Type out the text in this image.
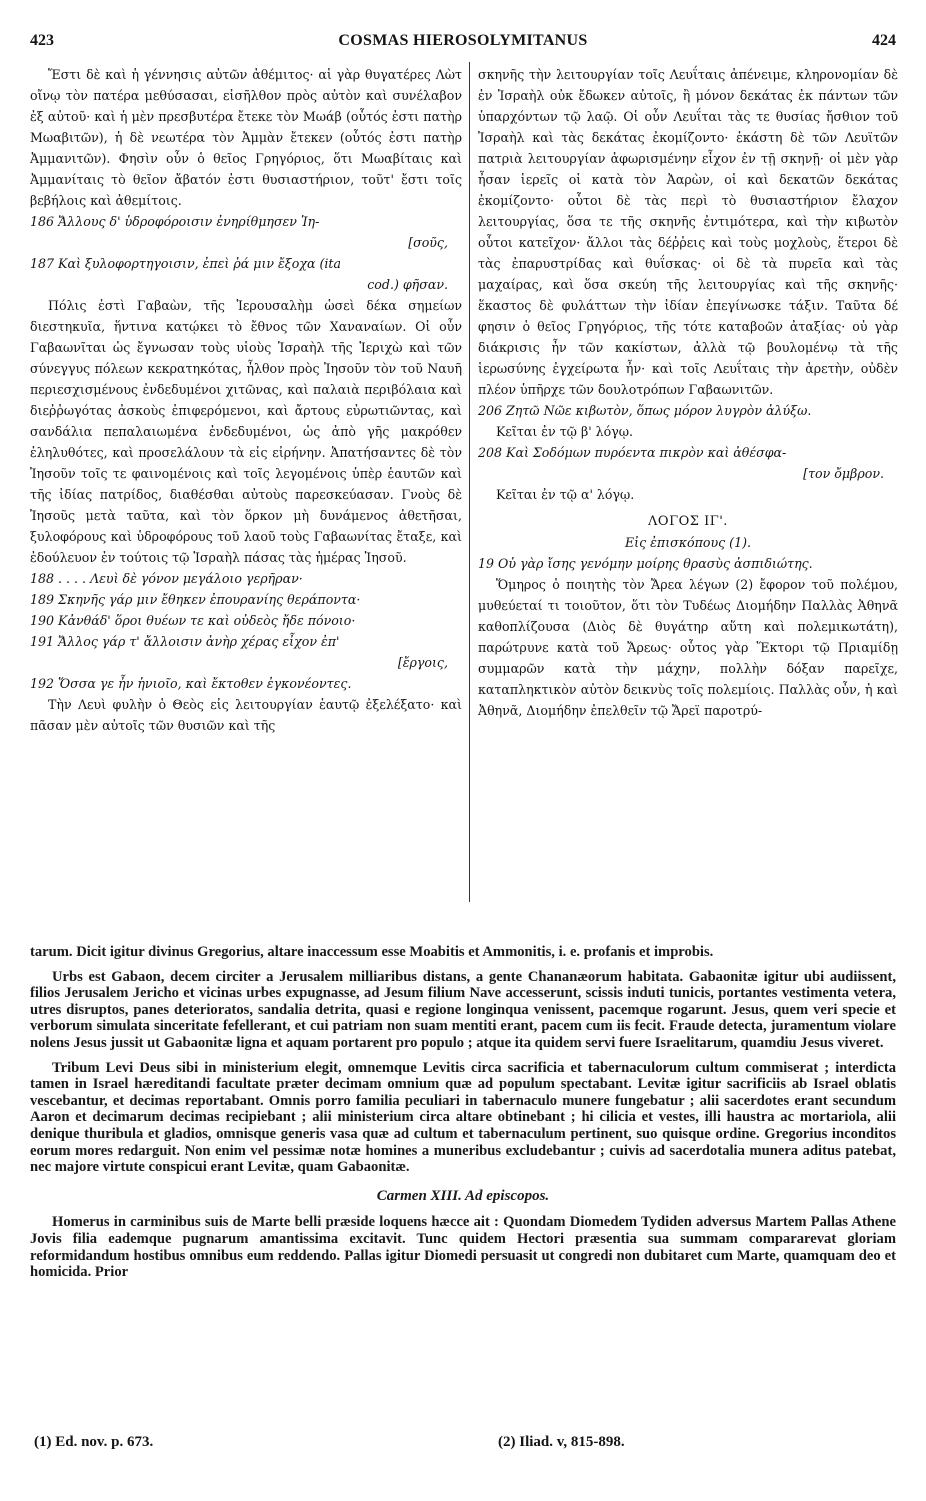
423	COSMAS HIEROSOLYMITANUS	424

Ἔστι δὲ καὶ ἡ γέννησις αὐτῶν ἀθέμιτος· αἱ γὰρ θυγατέρες Λὼτ οἴνῳ τὸν πατέρα μεθύσασαι, εἰσῆλθον πρὸς αὐτὸν καὶ συνέλαβον ἐξ αὐτοῦ· καὶ ἡ μὲν πρεσβυτέρα ἔτεκε τὸν Μωάβ (οὗτός ἐστι πατὴρ Μωαβιτῶν), ἡ δὲ νεωτέρα τὸν Ἀμμὰν ἔτεκεν (οὗτός ἐστι πατὴρ Ἀμμανιτῶν). Φησὶν οὖν ὁ θεῖος Γρηγόριος, ὅτι Μωαβίταις καὶ Ἀμμανίταις τὸ θεῖον ἄβατόν ἐστι θυσιαστήριον, τοῦτ' ἔστι τοῖς βεβήλοις καὶ ἀθεμίτοις.

186 Ἄλλους δ' ὑδροφόροισιν ἐνηρίθμησεν Ἰη-

[σοῦς,

187 Καὶ ξυλοφορτηγοισιν, ἐπεὶ ῥά μιν ἔξοχα (ita

cod.) φῆσαν.

Πόλις ἐστὶ Γαβαὼν, τῆς Ἱερουσαλὴμ ὡσεὶ δέκα σημείων διεστηκυῖα, ἥντινα κατῴκει τὸ ἔθνος τῶν Χαναναίων. Οἱ οὖν Γαβαωνῖται ὡς ἔγνωσαν τοὺς υἱοὺς Ἰσραὴλ τῆς Ἱεριχὼ καὶ τῶν σύνεγγυς πόλεων κεκρατηκότας, ἦλθον πρὸς Ἰησοῦν τὸν τοῦ Ναυῆ περιεσχισμένους ἐνδεδυμένοι χιτῶνας, καὶ παλαιὰ περιβόλαια καὶ διεῤῥωγότας ἀσκοὺς ἐπιφερόμενοι, καὶ ἄρτους εὐρωτιῶντας, καὶ σανδάλια πεπαλαιωμένα ἐνδεδυμένοι, ὡς ἀπὸ γῆς μακρόθεν ἐληλυθότες, καὶ προσελάλουν τὰ εἰς εἰρήνην. Ἀπατήσαντες δὲ τὸν Ἰησοῦν τοῖς τε φαινομένοις καὶ τοῖς λεγομένοις ὑπὲρ ἑαυτῶν καὶ τῆς ἰδίας πατρίδος, διαθέσθαι αὐτοὺς παρεσκεύασαν. Γνοὺς δὲ Ἰησοῦς μετὰ ταῦτα, καὶ τὸν ὅρκον μὴ δυνάμενος ἀθετῆσαι, ξυλοφόρους καὶ ὑδροφόρους τοῦ λαοῦ τοὺς Γαβαωνίτας ἔταξε, καὶ ἐδούλευον ἐν τούτοις τῷ Ἰσραὴλ πάσας τὰς ἡμέρας Ἰησοῦ.

188 . . . . Λευὶ δὲ γόνον μεγάλοιο γερῆραν·

189 Σκηνῆς γάρ μιν ἔθηκεν ἐπουρανίης θεράποντα·

190 Κἀνθάδ' ὅροι θυέων τε καὶ οὐδεὸς ἤδε πόνοιο·

191 Ἄλλος γάρ τ' ἄλλοισιν ἀνὴρ χέρας εἶχον ἐπ'

[ἔργοις,

192 Ὅσσα γε ἦν ἡνιοῖο, καὶ ἔκτοθεν ἐγκονέοντες.

Τὴν Λευὶ φυλὴν ὁ Θεὸς εἰς λειτουργίαν ἑαυτῷ ἐξελέξατο· καὶ πᾶσαν μὲν αὐτοῖς τῶν θυσιῶν καὶ τῆς

σκηνῆς τὴν λειτουργίαν τοῖς Λευΐταις ἀπένειμε, κληρονομίαν δὲ ἐν Ἰσραὴλ οὐκ ἔδωκεν αὐτοῖς, ἢ μόνον δεκάτας ἐκ πάντων τῶν ὑπαρχόντων τῷ λαῷ. Οἱ οὖν Λευΐται τὰς τε θυσίας ἤσθιον τοῦ Ἰσραὴλ καὶ τὰς δεκάτας ἐκομίζοντο· ἑκάστη δὲ τῶν Λευϊτῶν πατριὰ λειτουργίαν ἀφωρισμένην εἶχον ἐν τῇ σκηνῇ· οἱ μὲν γὰρ ἦσαν ἱερεῖς οἱ κατὰ τὸν Ἀαρὼν, οἱ καὶ δεκατῶν δεκάτας ἐκομίζοντο· οὗτοι δὲ τὰς περὶ τὸ θυσιαστήριον ἔλαχον λειτουργίας, ὅσα τε τῆς σκηνῆς ἐντιμότερα, καὶ τὴν κιβωτὸν οὗτοι κατεῖχον· ἄλλοι τὰς δέῤῥεις καὶ τοὺς μοχλοὺς, ἕτεροι δὲ τὰς ἐπαρυστρίδας καὶ θυΐσκας· οἱ δὲ τὰ πυρεῖα καὶ τὰς μαχαίρας, καὶ ὅσα σκεύη τῆς λειτουργίας καὶ τῆς σκηνῆς· ἕκαστος δὲ φυλάττων τὴν ἰδίαν ἐπεγίνωσκε τάξιν. Ταῦτα δέ φησιν ὁ θεῖος Γρηγόριος, τῆς τότε καταβοῶν ἀταξίας· οὐ γὰρ διάκρισις ἦν τῶν κακίστων, ἀλλὰ τῷ βουλομένῳ τὰ τῆς ἱερωσύνης ἐγχείρωτα ἦν· καὶ τοῖς Λευΐταις τὴν ἀρετὴν, οὐδὲν πλέον ὑπῆρχε τῶν δουλοτρόπων Γαβαωνιτῶν.

206 Ζητῶ Νῶε κιβωτὸν, ὅπως μόρον λυγρὸν ἀλύξω.

Κεῖται ἐν τῷ β' λόγῳ.

208 Καὶ Σοδόμων πυρόεντα πικρὸν καὶ ἀθέσφα-

[τον ὄμβρον.

Κεῖται ἐν τῷ α' λόγῳ.

ΛΟΓΟΣ ΙΓ'.

Εἰς ἐπισκόπους (1).

19 Οὐ γὰρ ἴσης γενόμην μοίρης θρασὺς ἀσπιδιώτης.

Ὅμηρος ὁ ποιητὴς τὸν Ἄρεα λέγων (2) ἔφορον τοῦ πολέμου, μυθεύεταί τι τοιοῦτον, ὅτι τὸν Τυδέως Διομήδην Παλλὰς Ἀθηνᾶ καθοπλίζουσα (Διὸς δὲ θυγάτηρ αὕτη καὶ πολεμικωτάτη), παρώτρυνε κατὰ τοῦ Ἄρεως· οὗτος γὰρ Ἕκτορι τῷ Πριαμίδῃ συμμαρῶν κατὰ τὴν μάχην, πολλὴν δόξαν παρεῖχε, καταπληκτικὸν αὐτὸν δεικνὺς τοῖς πολεμίοις. Παλλὰς οὖν, ἡ καὶ Ἀθηνᾶ, Διομήδην ἐπελθεῖν τῷ Ἄρεϊ παροτρύ-

tarum. Dicit igitur divinus Gregorius, altare inaccessum esse Moabitis et Ammonitis, i. e. profanis et improbis.

Urbs est Gabaon, decem circiter a Jerusalem milliaribus distans, a gente Chananæorum habitata. Gabaonitæ igitur ubi audiissent, filios Jerusalem Jericho et vicinas urbes expugnasse, ad Jesum filium Nave accesserunt, scissis induti tunicis, portantes vestimenta vetera, utres disruptos, panes deterioratos, sandalia detrita, quasi e regione longinqua venissent, pacemque rogarunt. Jesus, quem veri specie et verborum simulata sinceritate fefellerant, et cui patriam non suam mentiti erant, pacem cum iis fecit. Fraude detecta, juramentum violare nolens Jesus jussit ut Gabaonitæ ligna et aquam portarent pro populo ; atque ita quidem servi fuere Israelitarum, quamdiu Jesus viveret.

Tribum Levi Deus sibi in ministerium elegit, omnemque Levitis circa sacrificia et tabernaculorum cultum commiserat ; interdicta tamen in Israel hæreditandi facultate præter decimam omnium quæ ad populum spectabant. Levitæ igitur sacrificiis ab Israel oblatis vescebantur, et decimas reportabant. Omnis porro familia peculiari in tabernaculo munere fungebatur ; alii sacerdotes erant secundum Aaron et decimarum decimas recipiebant ; alii ministerium circa altare obtinebant ; hi cilicia et vestes, illi haustra ac mortariola, alii denique thuribula et gladios, omnisque generis vasa quæ ad cultum et tabernaculum pertinent, suo quisque ordine. Gregorius inconditos eorum mores redarguit. Non enim vel pessimæ notæ homines a muneribus excludebantur ; cuivis ad sacerdotalia munera aditus patebat, nec majore virtute conspicui erant Levitæ, quam Gabaonitæ.

Carmen XIII. Ad episcopos.

Homerus in carminibus suis de Marte belli præside loquens hæcce ait : Quondam Diomedem Tydiden adversus Martem Pallas Athene Jovis filia eademque pugnarum amantissima excitavit. Tunc quidem Hectori præsentia sua summam compararevat gloriam reformidandum hostibus omnibus eum reddendo. Pallas igitur Diomedi persuasit ut congredi non dubitaret cum Marte, quamquam deo et homicida. Prior

(1) Ed. nov. p. 673.	(2) Iliad. v, 815-898.
